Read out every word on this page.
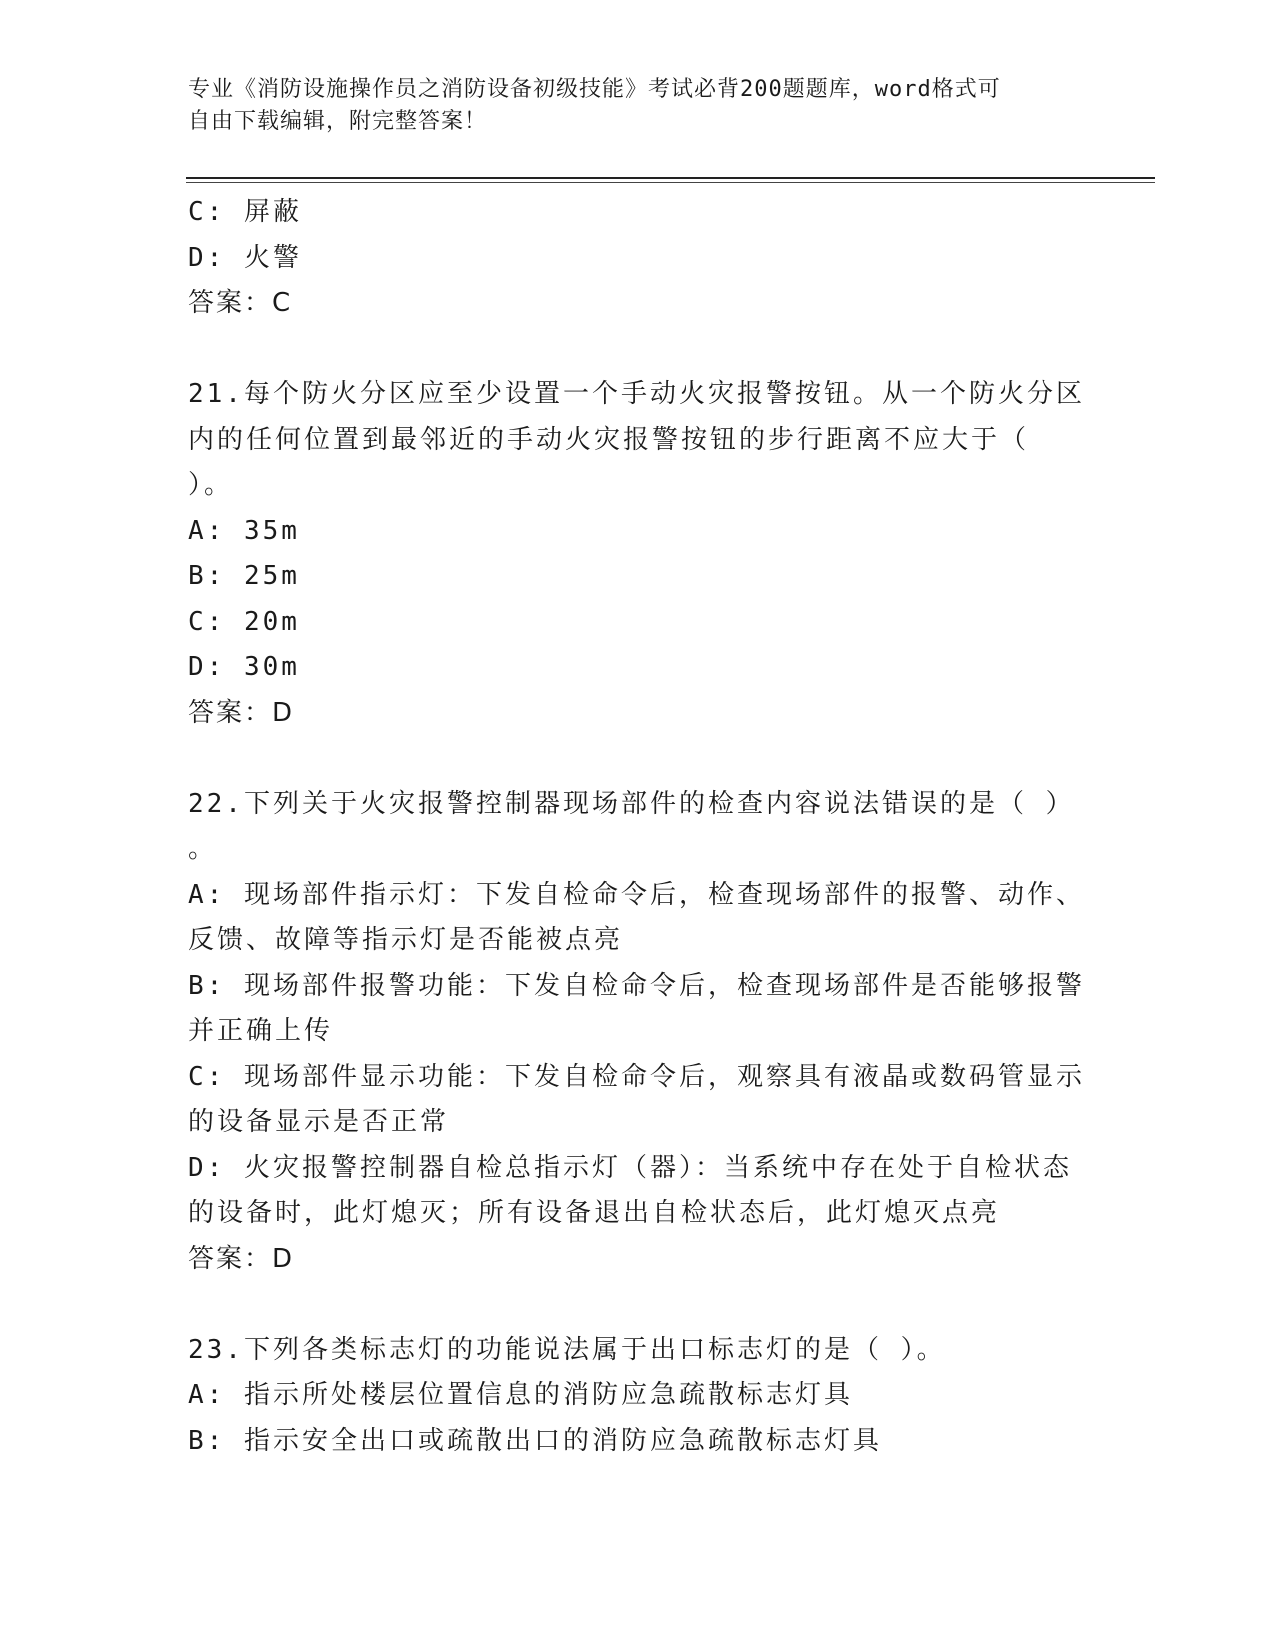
专业《消防设施操作员之消防设备初级技能》考试必背200题题库，word格式可
自由下载编辑，附完整答案！
C: 屏蔽
D: 火警
答案：C
21.每个防火分区应至少设置一个手动火灾报警按钮。从一个防火分区
内的任何位置到最邻近的手动火灾报警按钮的步行距离不应大于（
）。
A: 35m
B: 25m
C: 20m
D: 30m
答案：D
22.下列关于火灾报警控制器现场部件的检查内容说法错误的是（ ）
。
A: 现场部件指示灯：下发自检命令后，检查现场部件的报警、动作、
反馈、故障等指示灯是否能被点亮
B: 现场部件报警功能：下发自检命令后，检查现场部件是否能够报警
并正确上传
C: 现场部件显示功能：下发自检命令后，观察具有液晶或数码管显示
的设备显示是否正常
D: 火灾报警控制器自检总指示灯（器）：当系统中存在处于自检状态
的设备时，此灯熄灭；所有设备退出自检状态后，此灯熄灭点亮
答案：D
23.下列各类标志灯的功能说法属于出口标志灯的是（ ）。
A: 指示所处楼层位置信息的消防应急疏散标志灯具
B: 指示安全出口或疏散出口的消防应急疏散标志灯具
